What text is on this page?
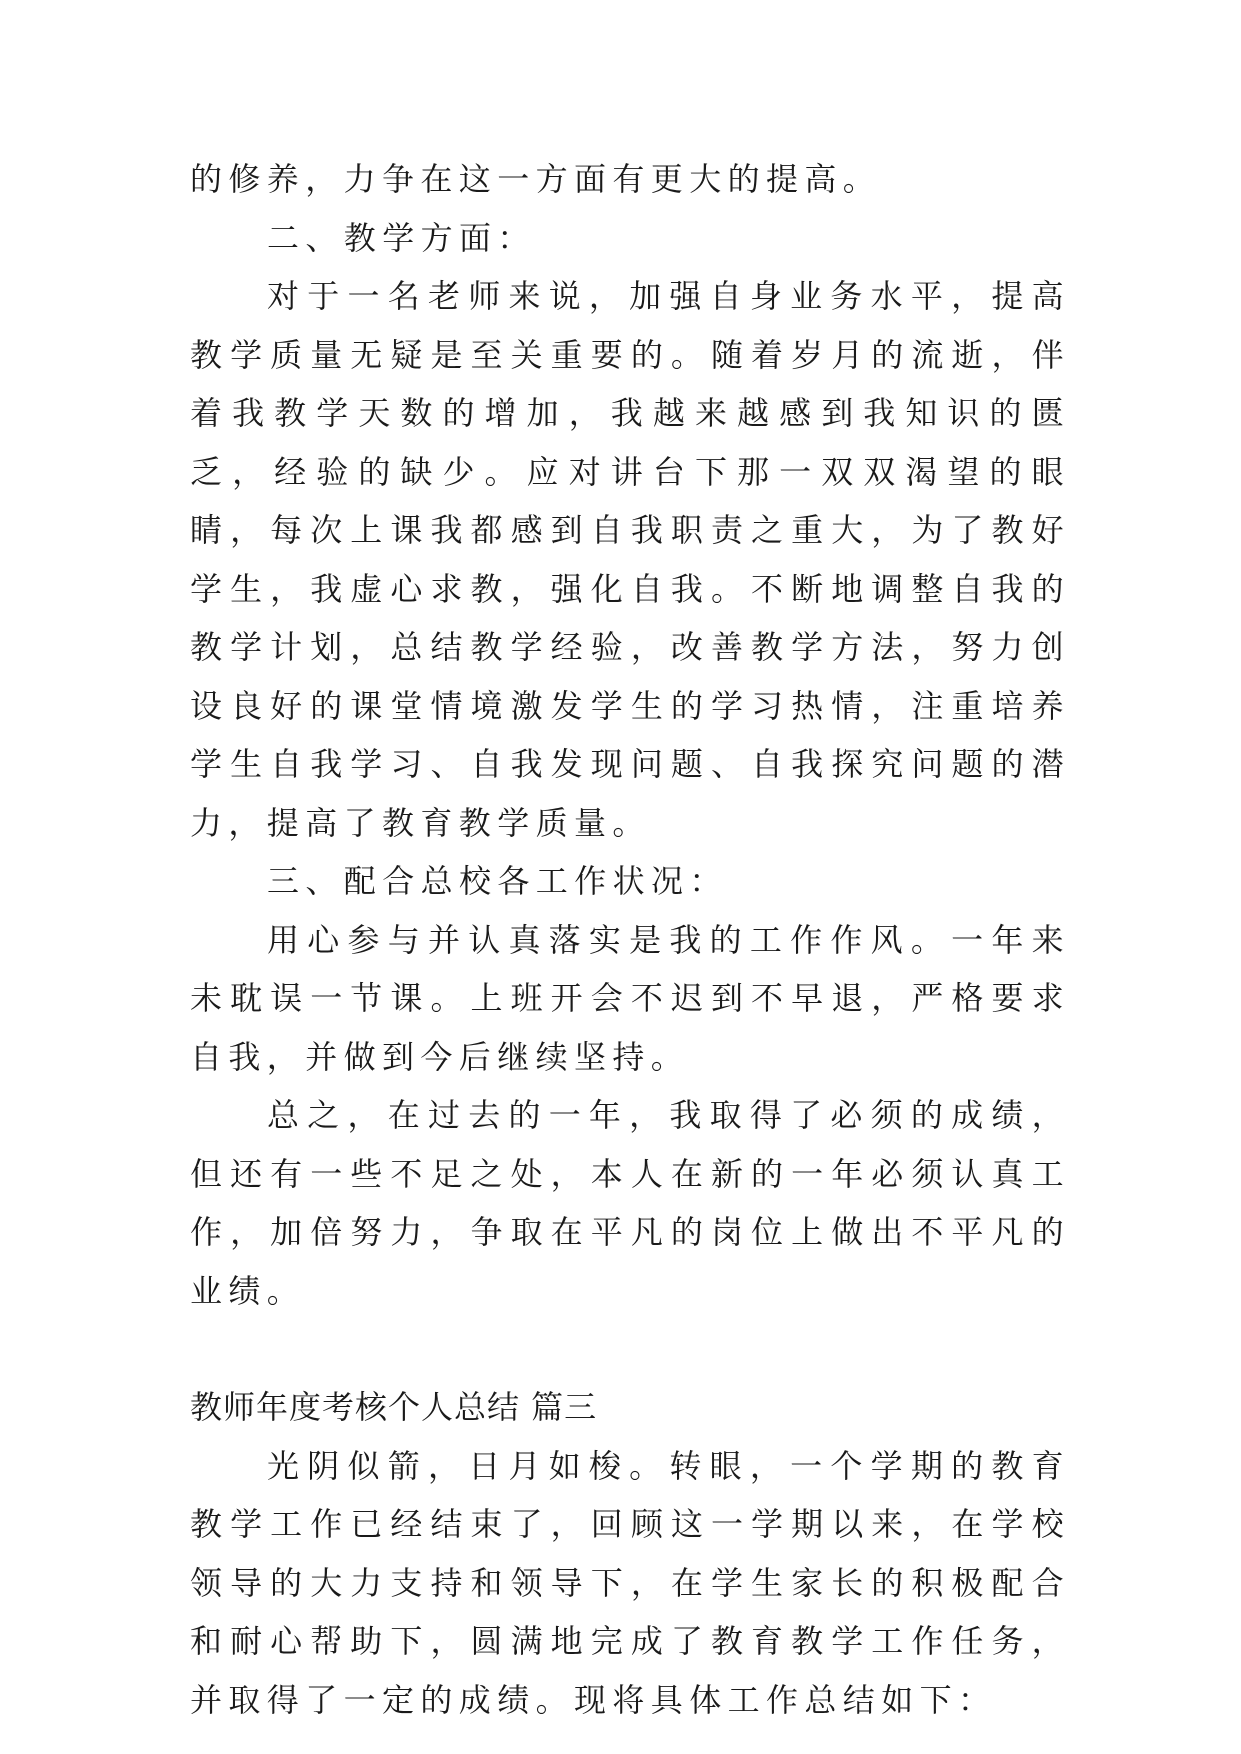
的修养，力争在这一方面有更大的提高。

二、教学方面：

对于一名老师来说，加强自身业务水平，提高教学质量无疑是至关重要的。随着岁月的流逝，伴着我教学天数的增加，我越来越感到我知识的匮乏，经验的缺少。应对讲台下那一双双渴望的眼睛，每次上课我都感到自我职责之重大，为了教好学生，我虚心求教，强化自我。不断地调整自我的教学计划，总结教学经验，改善教学方法，努力创设良好的课堂情境激发学生的学习热情，注重培养学生自我学习、自我发现问题、自我探究问题的潜力，提高了教育教学质量。

三、配合总校各工作状况：

用心参与并认真落实是我的工作作风。一年来未耽误一节课。上班开会不迟到不早退，严格要求自我，并做到今后继续坚持。

总之，在过去的一年，我取得了必须的成绩，但还有一些不足之处，本人在新的一年必须认真工作，加倍努力，争取在平凡的岗位上做出不平凡的业绩。

教师年度考核个人总结 篇三

光阴似箭，日月如梭。转眼，一个学期的教育教学工作已经结束了，回顾这一学期以来，在学校领导的大力支持和领导下，在学生家长的积极配合和耐心帮助下，圆满地完成了教育教学工作任务，并取得了一定的成绩。现将具体工作总结如下：
